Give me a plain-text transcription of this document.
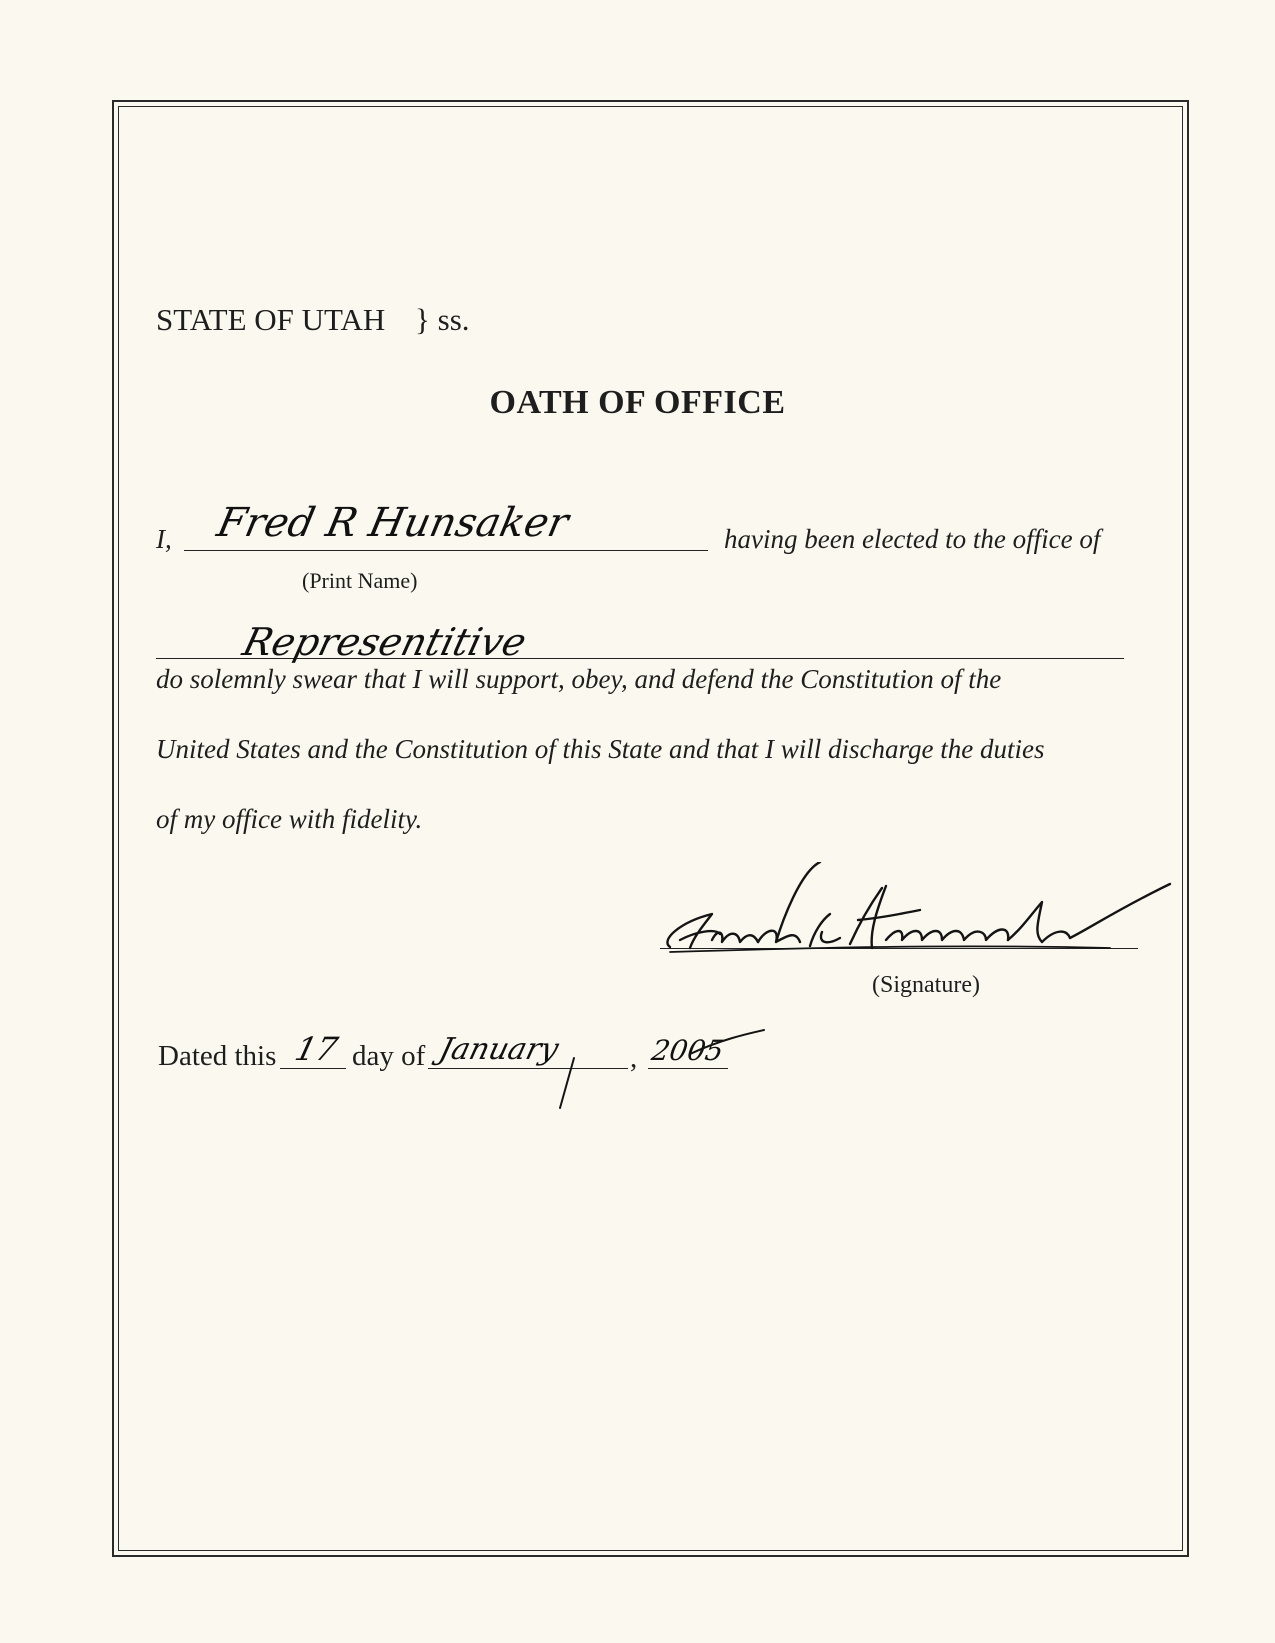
STATE OF UTAH } ss.
OATH OF OFFICE
I, Fred R Hunsaker	having been elected to the office of
(Print Name)
Representitive
do solemnly swear that I will support, obey, and defend the Constitution of the
United States and the Constitution of this State and that I will discharge the duties
of my office with fidelity.
(Signature)
Dated this 17 day of January , 2005
